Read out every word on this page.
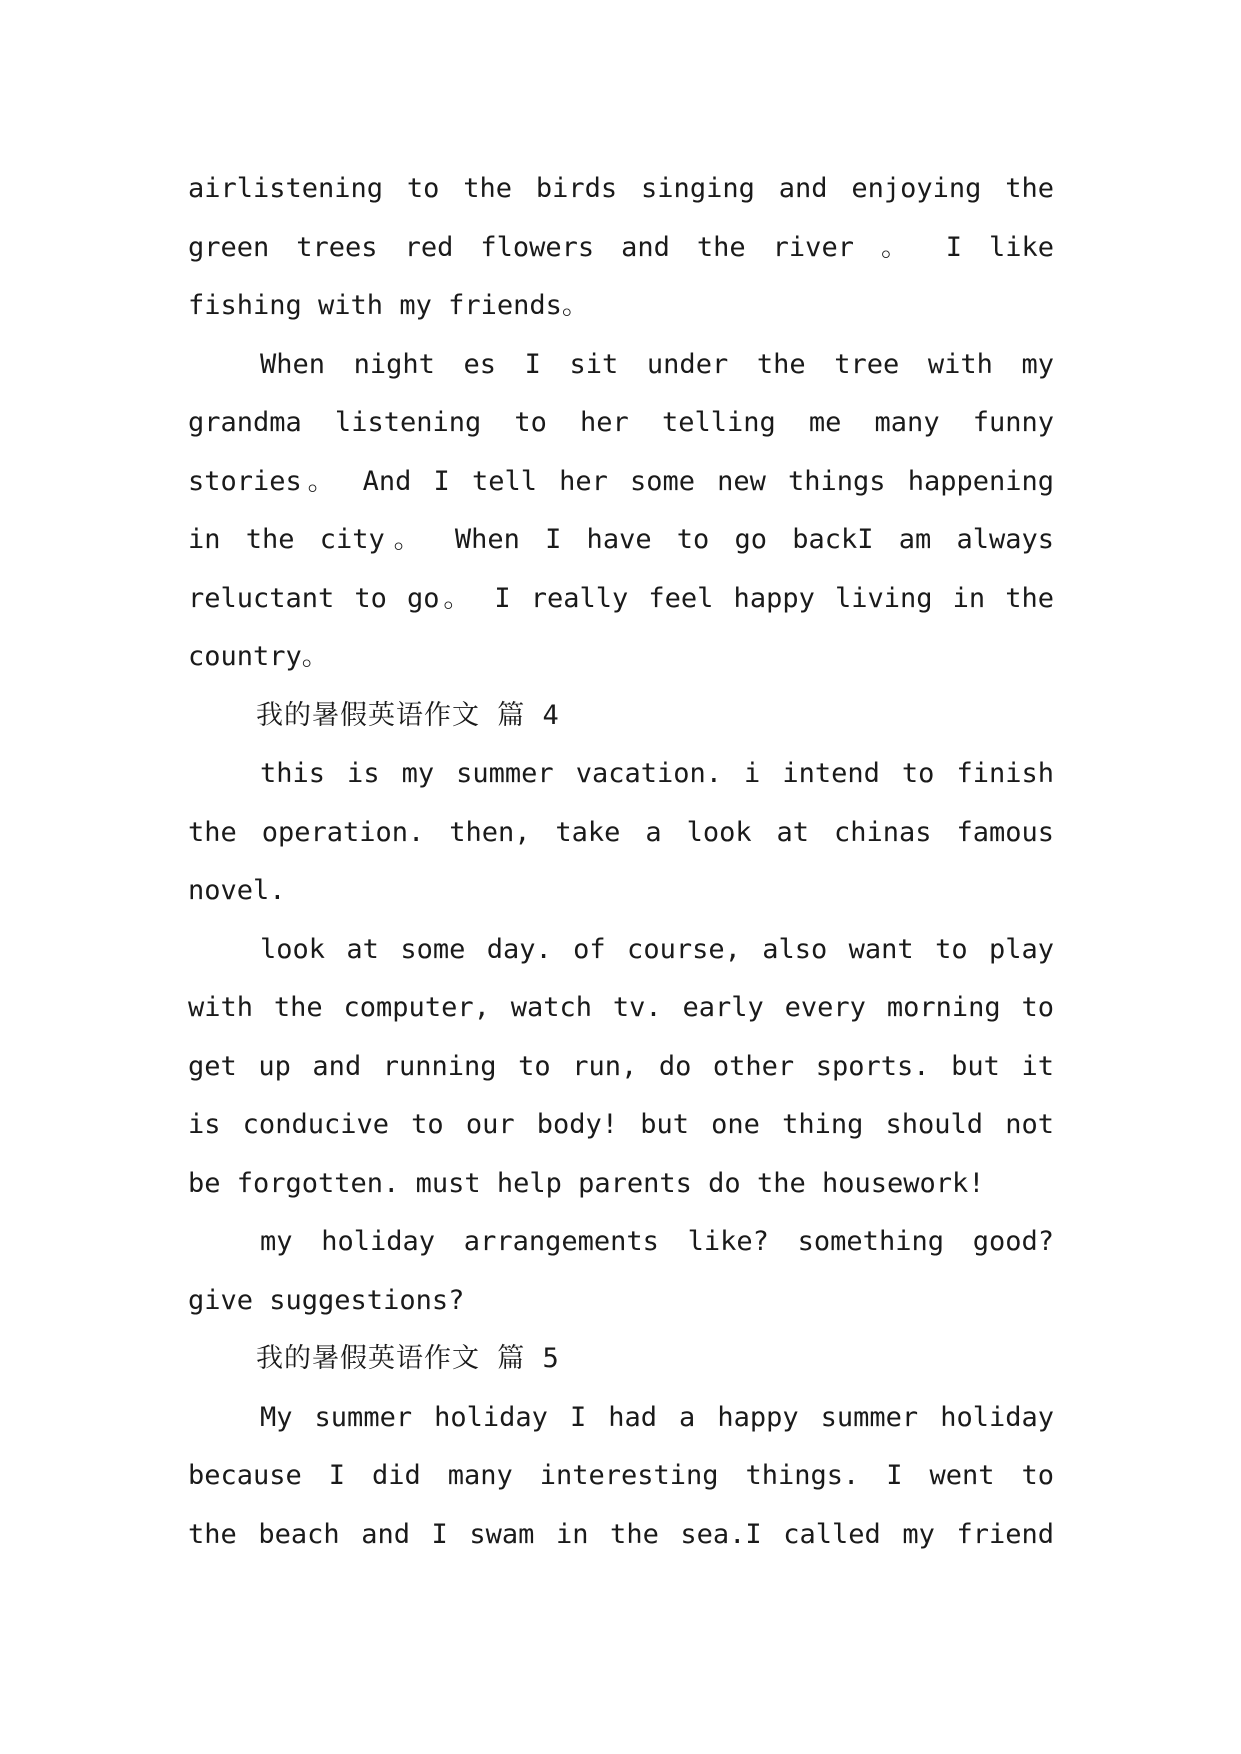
airlistening to the birds singing and enjoying the
green trees red flowers and the river 。 I like
fishing with my friends。
When night es I sit under the tree with my
grandma listening to her telling me many funny
stories。 And I tell her some new things happening
in the city。 When I have to go backI am always
reluctant to go。 I really feel happy living in the
country。
我的暑假英语作文 篇 4
this is my summer vacation. i intend to finish
the operation. then, take a look at chinas famous
novel.
look at some day. of course, also want to play
with the computer, watch tv. early every morning to
get up and running to run, do other sports. but it
is conducive to our body! but one thing should not
be forgotten. must help parents do the housework!
my holiday arrangements like? something good?
give suggestions?
我的暑假英语作文 篇 5
My summer holiday I had a happy summer holiday
because I did many interesting things. I went to
the beach and I swam in the sea.I called my friend
